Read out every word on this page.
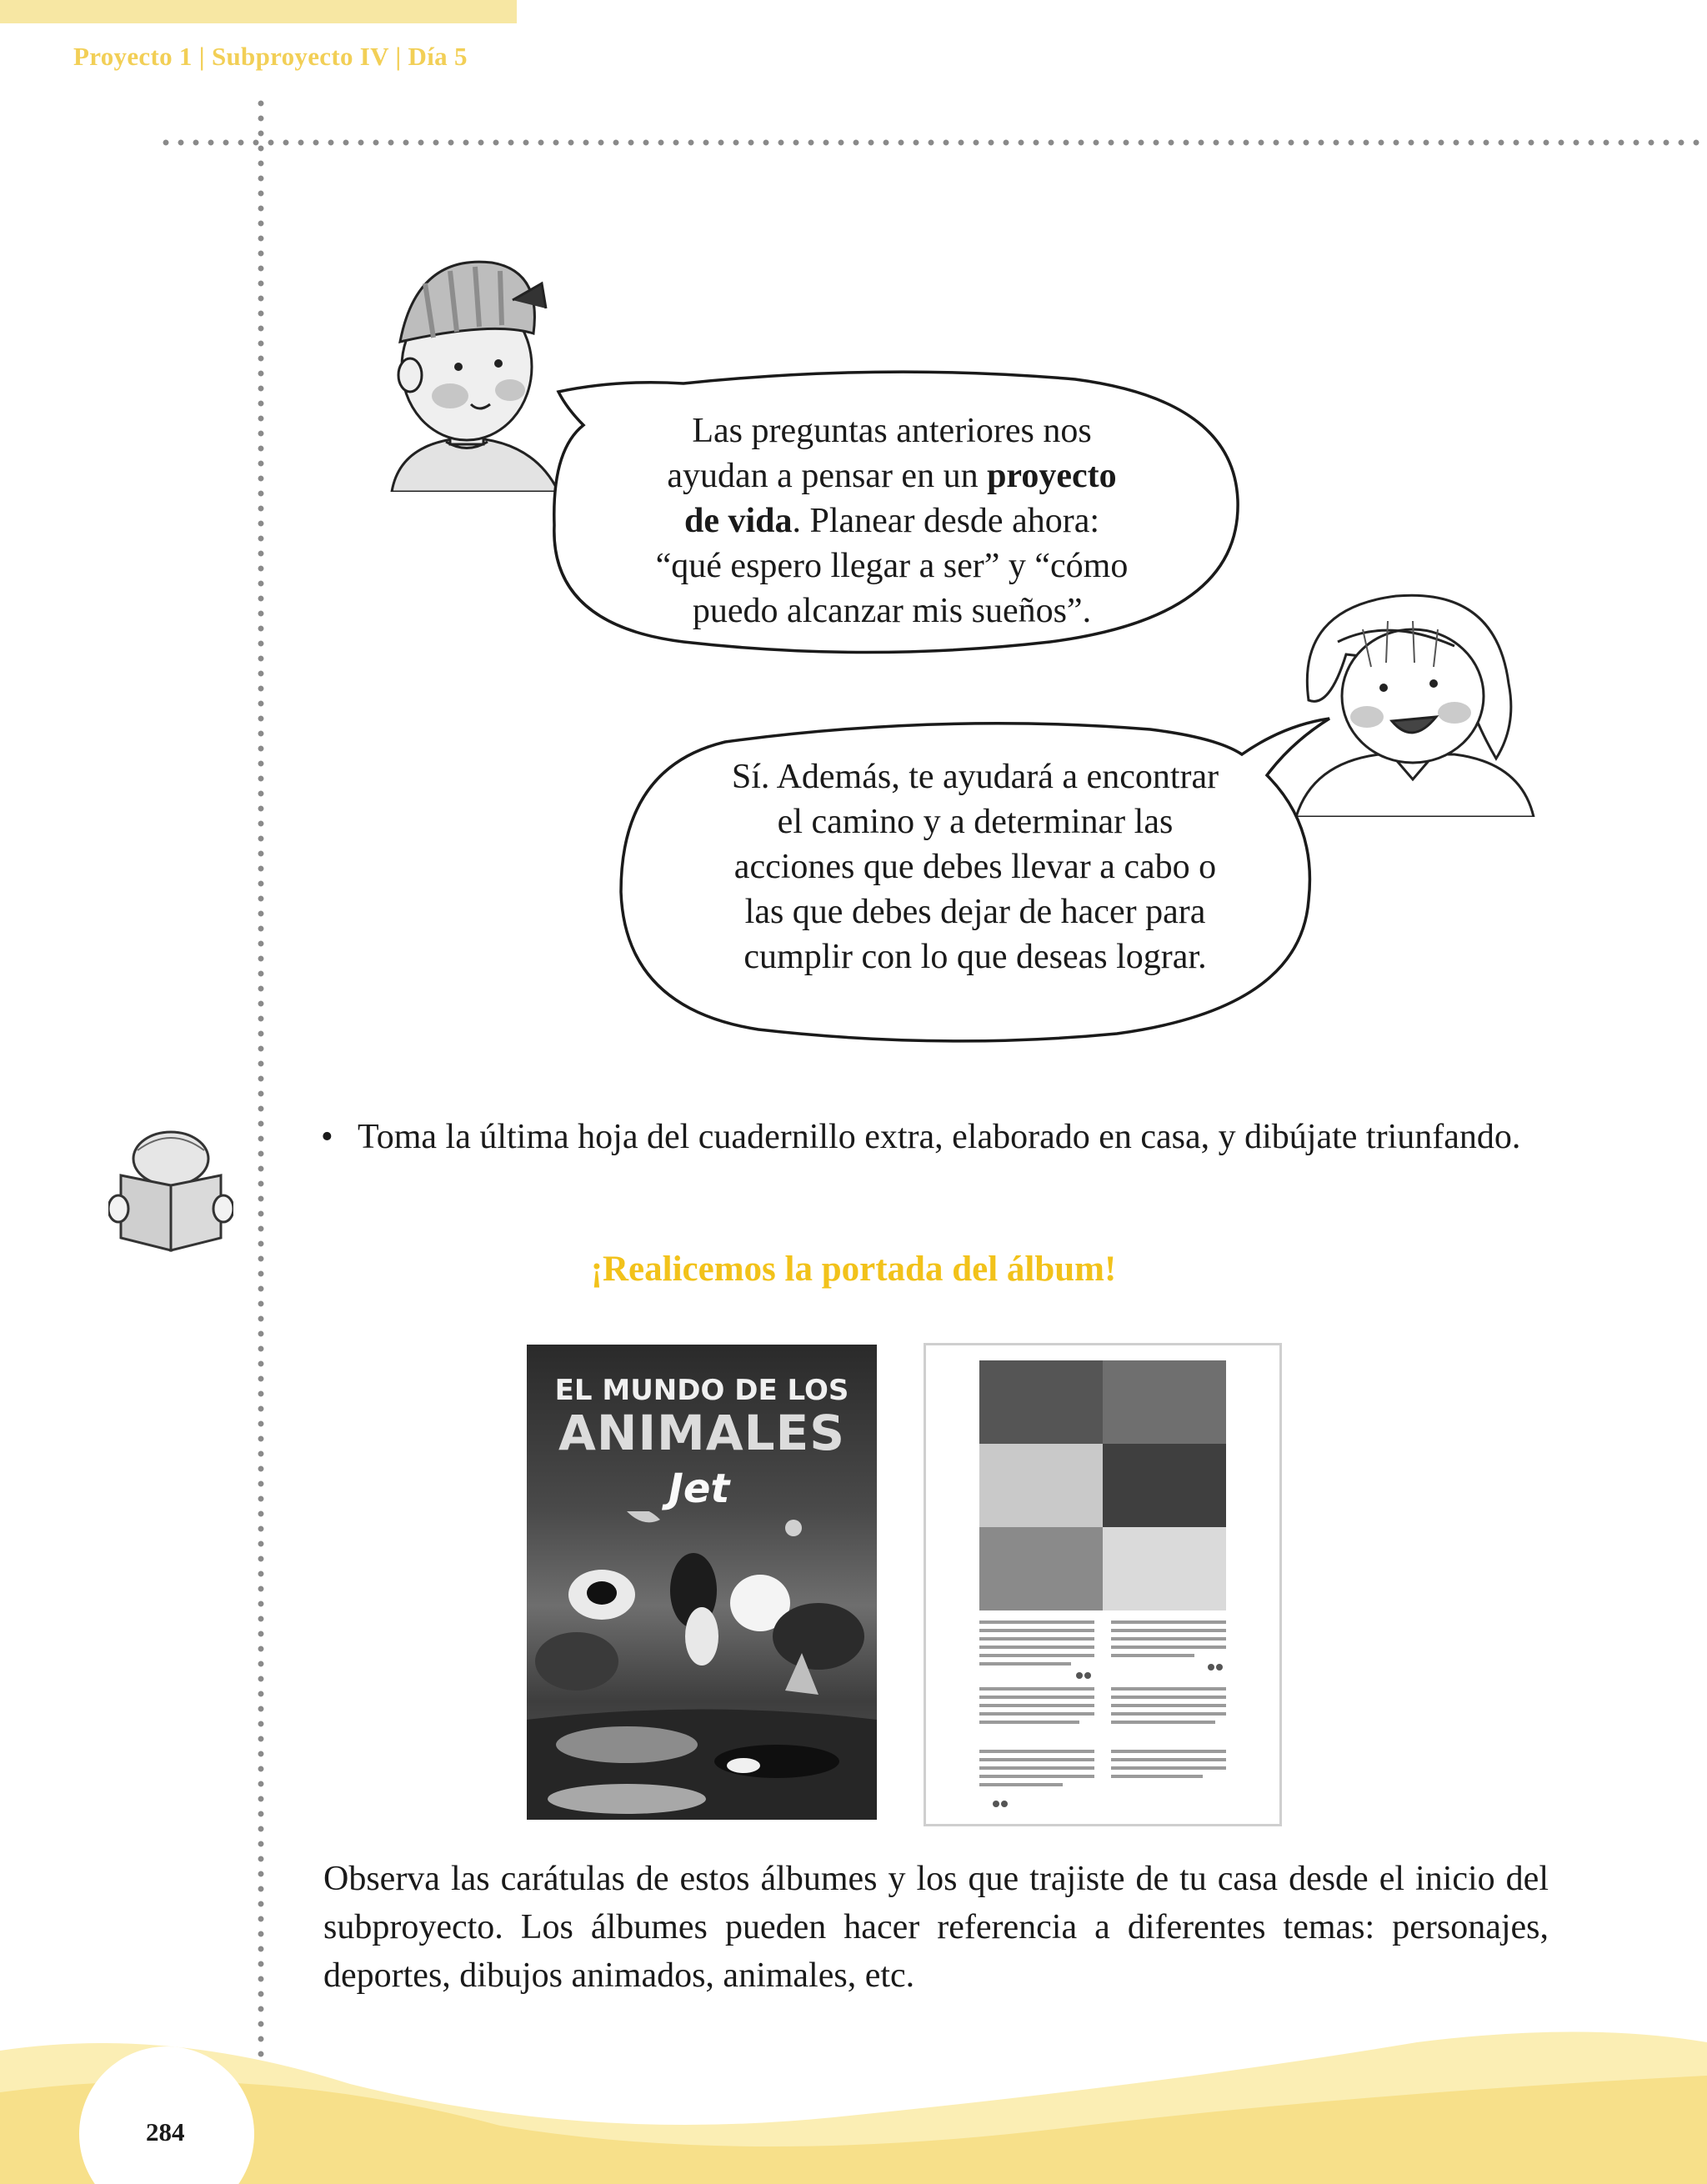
Proyecto 1 | Subproyecto IV | Día 5
Las preguntas anteriores nos
ayudan a pensar en un proyecto
de vida. Planear desde ahora:
“qué espero llegar a ser” y “cómo
puedo alcanzar mis sueños”.
Sí. Además, te ayudará a encontrar
el camino y a determinar las
acciones que debes llevar a cabo o
las que debes dejar de hacer para
cumplir con lo que deseas lograr.
• Toma la última hoja del cuadernillo extra, elaborado en casa, y dibújate triunfando.
¡Realicemos la portada del álbum!
EL MUNDO DE LOS
ANIMALES
Jet
Observa las carátulas de estos álbumes y los que trajiste de tu casa desde el inicio del subproyecto. Los álbumes pueden hacer referencia a diferentes temas: personajes, deportes, dibujos animados, animales, etc.
284
